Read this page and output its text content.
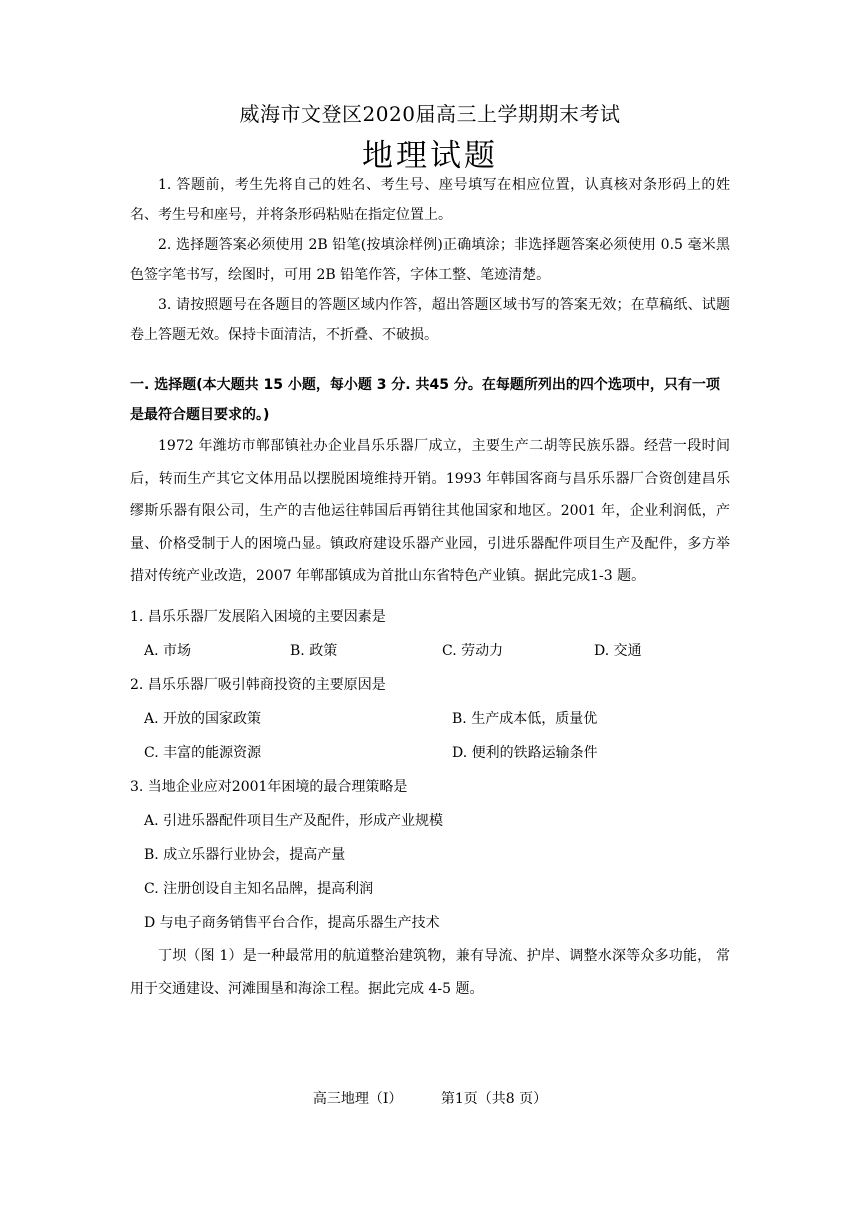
威海市文登区2020届高三上学期期末考试
地理试题

1. 答题前，考生先将自己的姓名、考生号、座号填写在相应位置，认真核对条形码上的姓名、考生号和座号，并将条形码粘贴在指定位置上。

2. 选择题答案必须使用 2B 铅笔(按填涂样例)正确填涂；非选择题答案必须使用 0.5 毫米黑色签字笔书写，绘图时，可用 2B 铅笔作答，字体工整、笔迹清楚。

3. 请按照题号在各题目的答题区域内作答，超出答题区域书写的答案无效；在草稿纸、试题卷上答题无效。保持卡面清洁，不折叠、不破损。

一. 选择题(本大题共 15 小题，每小题 3 分. 共45 分。在每题所列出的四个选项中，只有一项是最符合题目要求的。)

1972 年潍坊市郸郚镇社办企业昌乐乐器厂成立，主要生产二胡等民族乐器。经营一段时间后，转而生产其它文体用品以摆脱困境维持开销。1993 年韩国客商与昌乐乐器厂合资创建昌乐缪斯乐器有限公司，生产的吉他运往韩国后再销往其他国家和地区。2001 年，企业利润低，产量、价格受制于人的困境凸显。镇政府建设乐器产业园，引进乐器配件项目生产及配件，多方举措对传统产业改造，2007 年郸郚镇成为首批山东省特色产业镇。据此完成1-3 题。

1. 昌乐乐器厂发展陷入困境的主要因素是

A. 市场	B. 政策	C. 劳动力	D. 交通

2. 昌乐乐器厂吸引韩商投资的主要原因是

A. 开放的国家政策	B. 生产成本低，质量优
C. 丰富的能源资源	D. 便利的铁路运输条件

3. 当地企业应对2001年困境的最合理策略是

A. 引进乐器配件项目生产及配件，形成产业规模
B. 成立乐器行业协会，提高产量
C. 注册创设自主知名品牌，提高利润
D 与电子商务销售平台合作，提高乐器生产技术

丁坝（图 1）是一种最常用的航道整治建筑物，兼有导流、护岸、调整水深等众多功能， 常用于交通建设、河滩围垦和海涂工程。据此完成 4-5 题。

高三地理（I）	第1页（共8 页）
